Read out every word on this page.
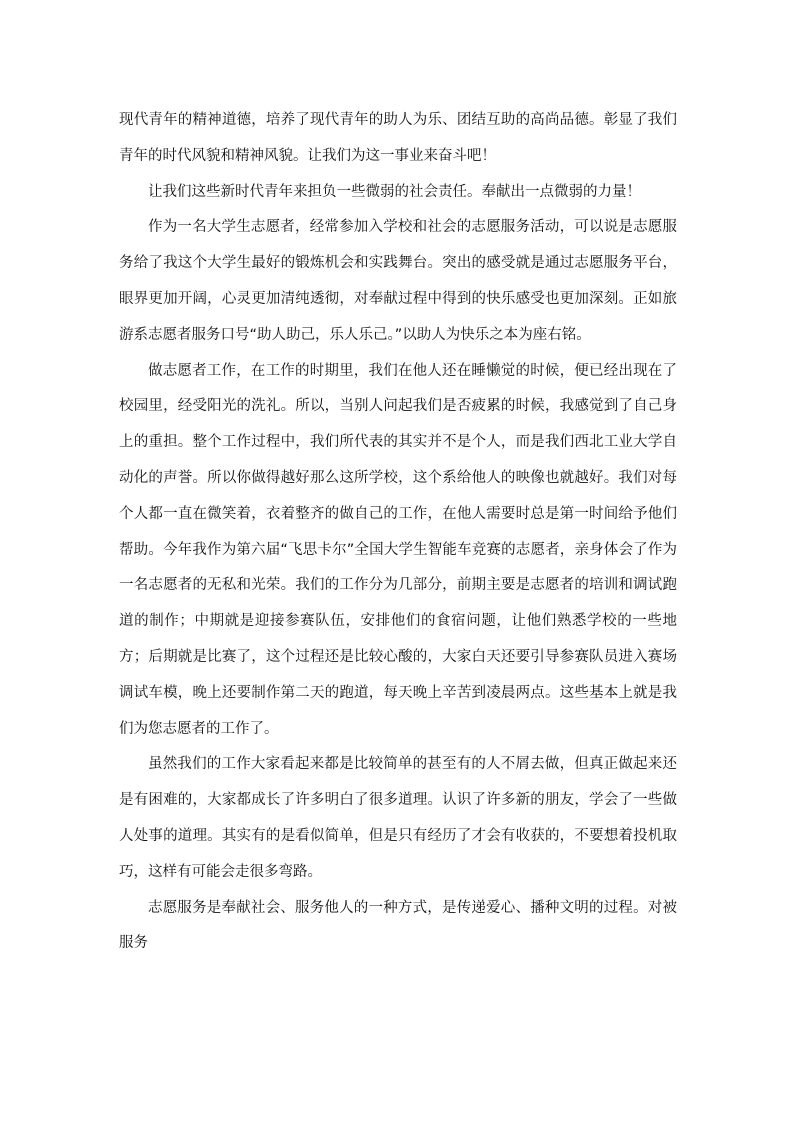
现代青年的精神道德，培养了现代青年的助人为乐、团结互助的高尚品德。彰显了我们青年的时代风貌和精神风貌。让我们为这一事业来奋斗吧！

让我们这些新时代青年来担负一些微弱的社会责任。奉献出一点微弱的力量！

作为一名大学生志愿者，经常参加入学校和社会的志愿服务活动，可以说是志愿服务给了我这个大学生最好的锻炼机会和实践舞台。突出的感受就是通过志愿服务平台，眼界更加开阔，心灵更加清纯透彻，对奉献过程中得到的快乐感受也更加深刻。正如旅游系志愿者服务口号“助人助己，乐人乐己。”以助人为快乐之本为座右铭。

做志愿者工作，在工作的时期里，我们在他人还在睡懒觉的时候，便已经出现在了校园里，经受阳光的洗礼。所以，当别人问起我们是否疲累的时候，我感觉到了自己身上的重担。整个工作过程中，我们所代表的其实并不是个人，而是我们西北工业大学自动化的声誉。所以你做得越好那么这所学校，这个系给他人的映像也就越好。我们对每个人都一直在微笑着，衣着整齐的做自己的工作，在他人需要时总是第一时间给予他们帮助。今年我作为第六届“飞思卡尔”全国大学生智能车竞赛的志愿者，亲身体会了作为一名志愿者的无私和光荣。我们的工作分为几部分，前期主要是志愿者的培训和调试跑道的制作；中期就是迎接参赛队伍，安排他们的食宿问题，让他们熟悉学校的一些地方；后期就是比赛了，这个过程还是比较心酸的，大家白天还要引导参赛队员进入赛场调试车模，晚上还要制作第二天的跑道，每天晚上辛苦到凌晨两点。这些基本上就是我们为您志愿者的工作了。

虽然我们的工作大家看起来都是比较简单的甚至有的人不屑去做，但真正做起来还是有困难的，大家都成长了许多明白了很多道理。认识了许多新的朋友，学会了一些做人处事的道理。其实有的是看似简单，但是只有经历了才会有收获的，不要想着投机取巧，这样有可能会走很多弯路。

志愿服务是奉献社会、服务他人的一种方式，是传递爱心、播种文明的过程。对被服务
